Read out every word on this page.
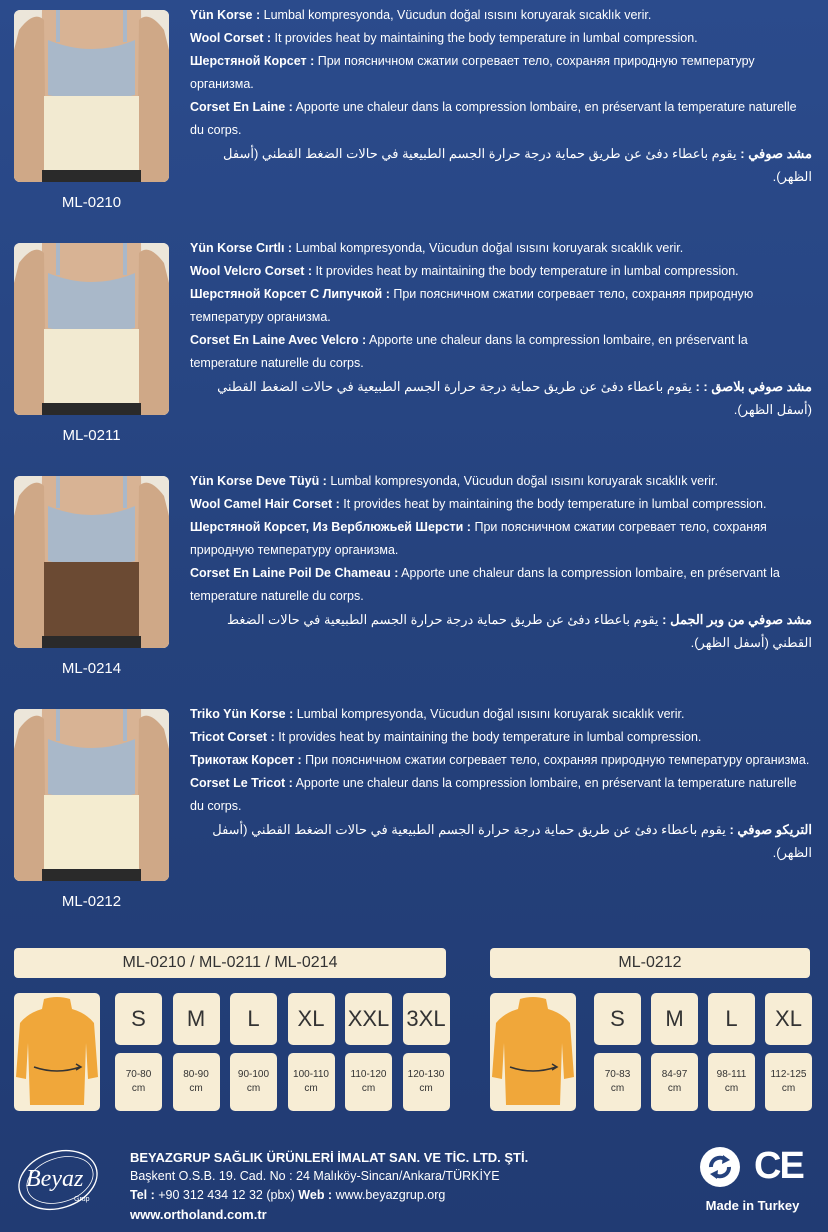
ML-0210

Yün Korse : Lumbal kompresyonda, Vücudun doğal ısısını koruyarak sıcaklık verir.

Wool Corset : It provides heat by maintaining the body temperature in lumbal compression.

Шерстяной Корсет : При поясничном сжатии согревает тело, сохраняя природную температуру организма.

Corset En Laine : Apporte une chaleur dans la compression lombaire, en préservant la temperature naturelle du corps.

مشد صوفي : يقوم باعطاء دفئ عن طريق حماية درجة حرارة الجسم الطبيعية في حالات الضغط القطني (أسفل الظهر).

ML-0211

Yün Korse Cırtlı : Lumbal kompresyonda, Vücudun doğal ısısını koruyarak sıcaklık verir.

Wool Velcro Corset : It provides heat by maintaining the body temperature in lumbal compression.

Шерстяной Корсет С Липучкой : При поясничном сжатии согревает тело, сохраняя природную температуру организма.

Corset En Laine Avec Velcro : Apporte une chaleur dans la compression lombaire, en préservant la temperature naturelle du corps.

مشد صوفي بلاصق : : يقوم باعطاء دفئ عن طريق حماية درجة حرارة الجسم الطبيعية في حالات الضغط القطني (أسفل الظهر).

ML-0214

Yün Korse Deve Tüyü : Lumbal kompresyonda, Vücudun doğal ısısını koruyarak sıcaklık verir.

Wool Camel Hair Corset : It provides heat by maintaining the body temperature in lumbal compression.

Шерстяной Корсет, Из Верблюжьей Шерсти : При поясничном сжатии согревает тело, сохраняя природную температуру организма.

Corset En Laine Poil De Chameau : Apporte une chaleur dans la compression lombaire, en préservant la temperature naturelle du corps.

مشد صوفي من وبر الجمل : يقوم باعطاء دفئ عن طريق حماية درجة حرارة الجسم الطبيعية في حالات الضغط القطني (أسفل الظهر).

ML-0212

Triko Yün Korse : Lumbal kompresyonda, Vücudun doğal ısısını koruyarak sıcaklık verir.

Tricot Corset : It provides heat by maintaining the body temperature in lumbal compression.

Трикотаж Корсет : При поясничном сжатии согревает тело, сохраняя природную температуру организма.

Corset Le Tricot : Apporte une chaleur dans la compression lombaire, en préservant la temperature naturelle du corps.

التريكو صوفي : يقوم باعطاء دفئ عن طريق حماية درجة حرارة الجسم الطبيعية في حالات الضغط القطني (أسفل الظهر).

ML-0210 / ML-0211 / ML-0214	ML-0212
S
70-80
cm
M
80-90
cm
L
90-100
cm
XL
100-110
cm
XXL
110-120
cm
3XL
120-130
cm
S
70-83
cm
M
84-97
cm
L
98-111
cm
XL
112-125
cm
Beyaz
Grup
BEYAZGRUP SAĞLIK ÜRÜNLERİ İMALAT SAN. VE TİC. LTD. ŞTİ.
Başkent O.S.B. 19. Cad. No : 24 Malıköy-Sincan/Ankara/TÜRKİYE
Tel : +90 312 434 12 32 (pbx) Web : www.beyazgrup.org
www.ortholand.com.tr
CE
Made in Turkey
